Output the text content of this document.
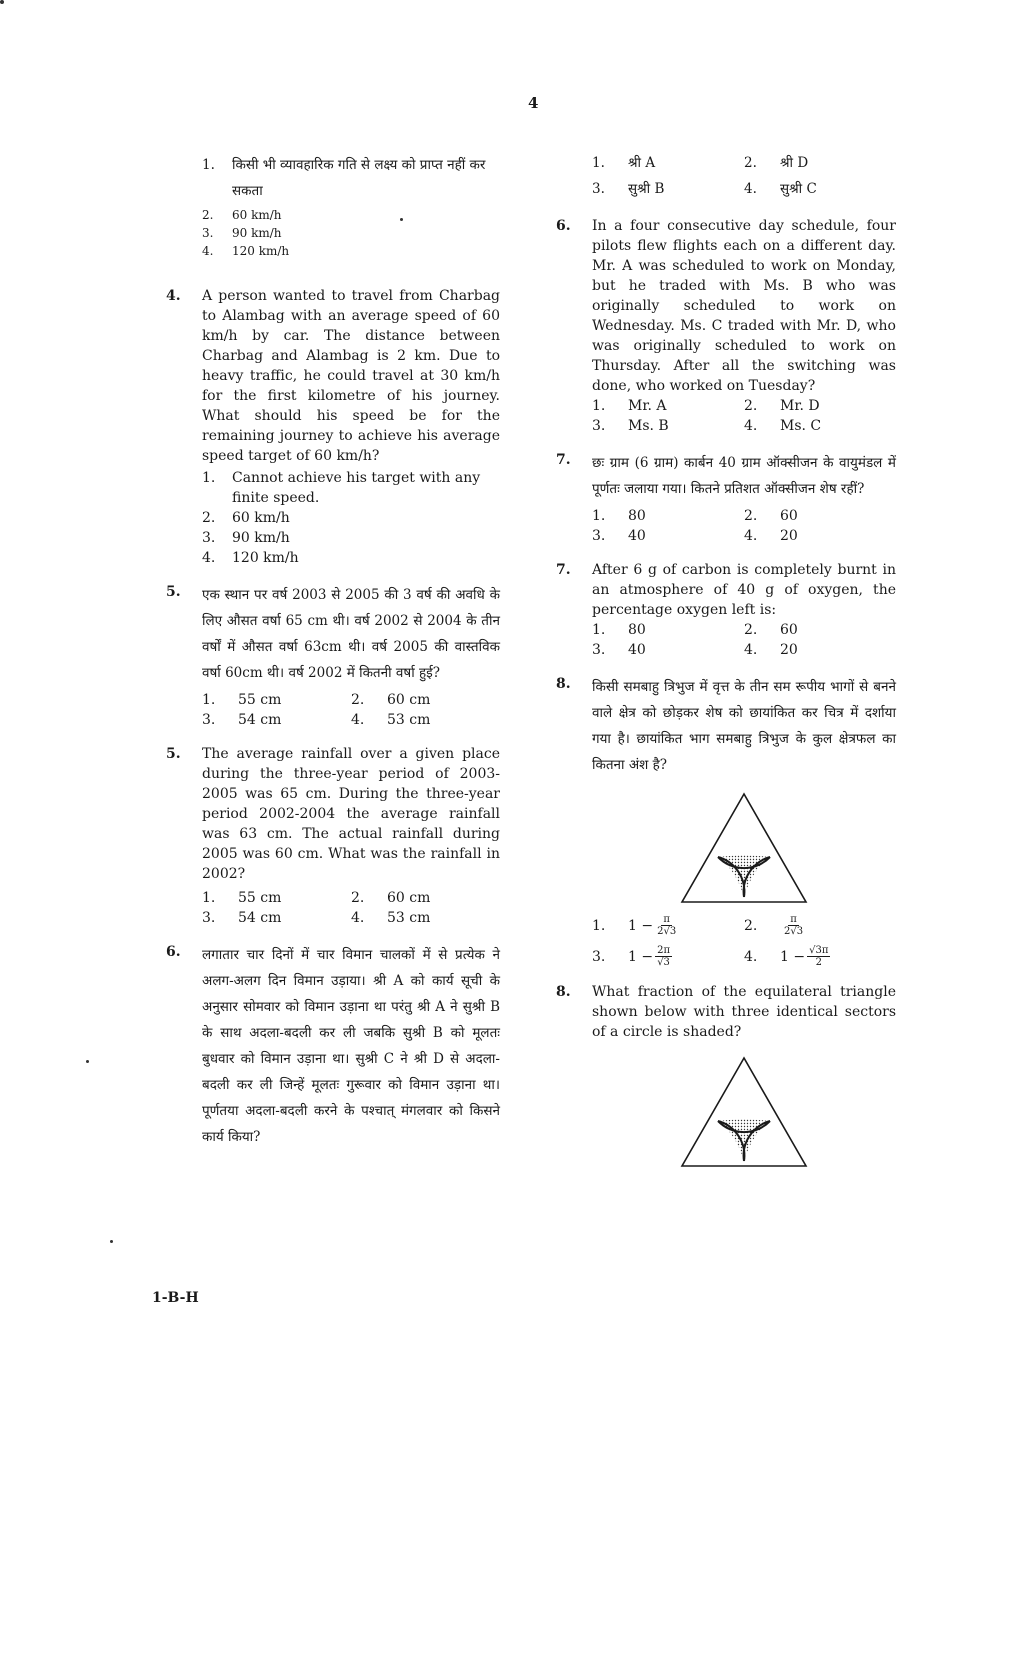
4
1.	किसी भी व्यावहारिक गति से लक्ष्य को प्राप्त नहीं कर सकता
2.	60 km/h
3.	90 km/h
4.	120 km/h
4. A person wanted to travel from Charbag to Alambag with an average speed of 60 km/h by car. The distance between Charbag and Alambag is 2 km. Due to heavy traffic, he could travel at 30 km/h for the first kilometre of his journey. What should his speed be for the remaining journey to achieve his average speed target of 60 km/h?

1.	Cannot achieve his target with any finite speed.
2.	60 km/h
3.	90 km/h
4.	120 km/h
5. एक स्थान पर वर्ष 2003 से 2005 की 3 वर्ष की अवधि के लिए औसत वर्षा 65 cm थी। वर्ष 2002 से 2004 के तीन वर्षों में औसत वर्षा 63cm थी। वर्ष 2005 की वास्तविक वर्षा 60cm थी। वर्ष 2002 में कितनी वर्षा हुई?

1.	55 cm	2.	60 cm
3.	54 cm	4.	53 cm
5. The average rainfall over a given place during the three-year period of 2003-2005 was 65 cm. During the three-year period 2002-2004 the average rainfall was 63 cm. The actual rainfall during 2005 was 60 cm. What was the rainfall in 2002?

1.	55 cm	2.	60 cm
3.	54 cm	4.	53 cm
6. लगातार चार दिनों में चार विमान चालकों में से प्रत्येक ने अलग-अलग दिन विमान उड़ाया। श्री A को कार्य सूची के अनुसार सोमवार को विमान उड़ाना था परंतु श्री A ने सुश्री B के साथ अदला-बदली कर ली जबकि सुश्री B को मूलतः बुधवार को विमान उड़ाना था। सुश्री C ने श्री D से अदला-बदली कर ली जिन्हें मूलतः गुरूवार को विमान उड़ाना था। पूर्णतया अदला-बदली करने के पश्चात् मंगलवार को किसने कार्य किया?

1.	श्री A	2.	श्री D
3.	सुश्री B	4.	सुश्री C
6. In a four consecutive day schedule, four pilots flew flights each on a different day. Mr. A was scheduled to work on Monday, but he traded with Ms. B who was originally scheduled to work on Wednesday. Ms. C traded with Mr. D, who was originally scheduled to work on Thursday. After all the switching was done, who worked on Tuesday?

1.	Mr. A	2.	Mr. D
3.	Ms. B	4.	Ms. C
7. छः ग्राम (6 ग्राम) कार्बन 40 ग्राम ऑक्सीजन के वायुमंडल में पूर्णतः जलाया गया। कितने प्रतिशत ऑक्सीजन शेष रहीं?

1.	80	2.	60
3.	40	4.	20
7. After 6 g of carbon is completely burnt in an atmosphere of 40 g of oxygen, the percentage oxygen left is:

1.	80	2.	60
3.	40	4.	20
8. किसी समबाहु त्रिभुज में वृत्त के तीन सम रूपीय भागों से बनने वाले क्षेत्र को छोड़कर शेष को छायांकित कर चित्र में दर्शाया गया है। छायांकित भाग समबाहु त्रिभुज के कुल क्षेत्रफल का कितना अंश है?

1.	$1 - \frac{\pi}{2√3}$	2.	$\frac{\pi}{2√3}$
3.	$1 - \frac{2\pi}{√3}$	4.	$1 - \frac{√3\pi}{2}$
8. What fraction of the equilateral triangle shown below with three identical sectors of a circle is shaded?

1-B-H
